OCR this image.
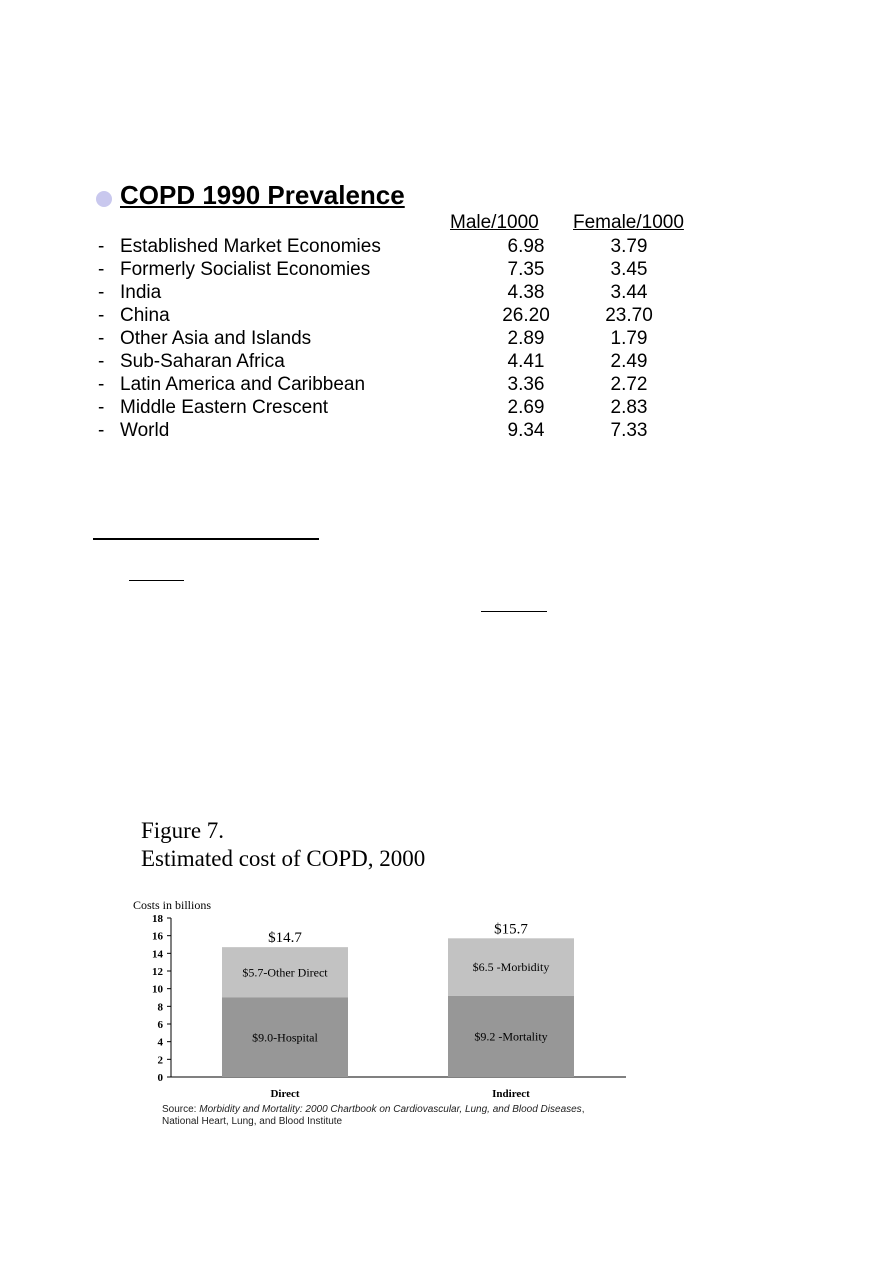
COPD 1990 Prevalence
Male/1000 Female/1000
- Established Market Economies	6.98	3.79
- Formerly Socialist Economies	7.35	3.45
- India	4.38	3.44
- China	26.20	23.70
- Other Asia and Islands	2.89	1.79
- Sub-Saharan Africa	4.41	2.49
- Latin America and Caribbean	3.36	2.72
- Middle Eastern Crescent	2.69	2.83
- World	9.34	7.33
Figure 7.
Estimated cost of COPD, 2000
Costs in billions
0
2
4
6
8
10
12
14
16
18
$9.0-Hospital
$5.7-Other Direct
$14.7
Direct
$9.2 -Mortality
$6.5 -Morbidity
$15.7
Indirect
Source: Morbidity and Mortality: 2000 Chartbook on Cardiovascular, Lung, and Blood Diseases, National Heart, Lung, and Blood Institute
